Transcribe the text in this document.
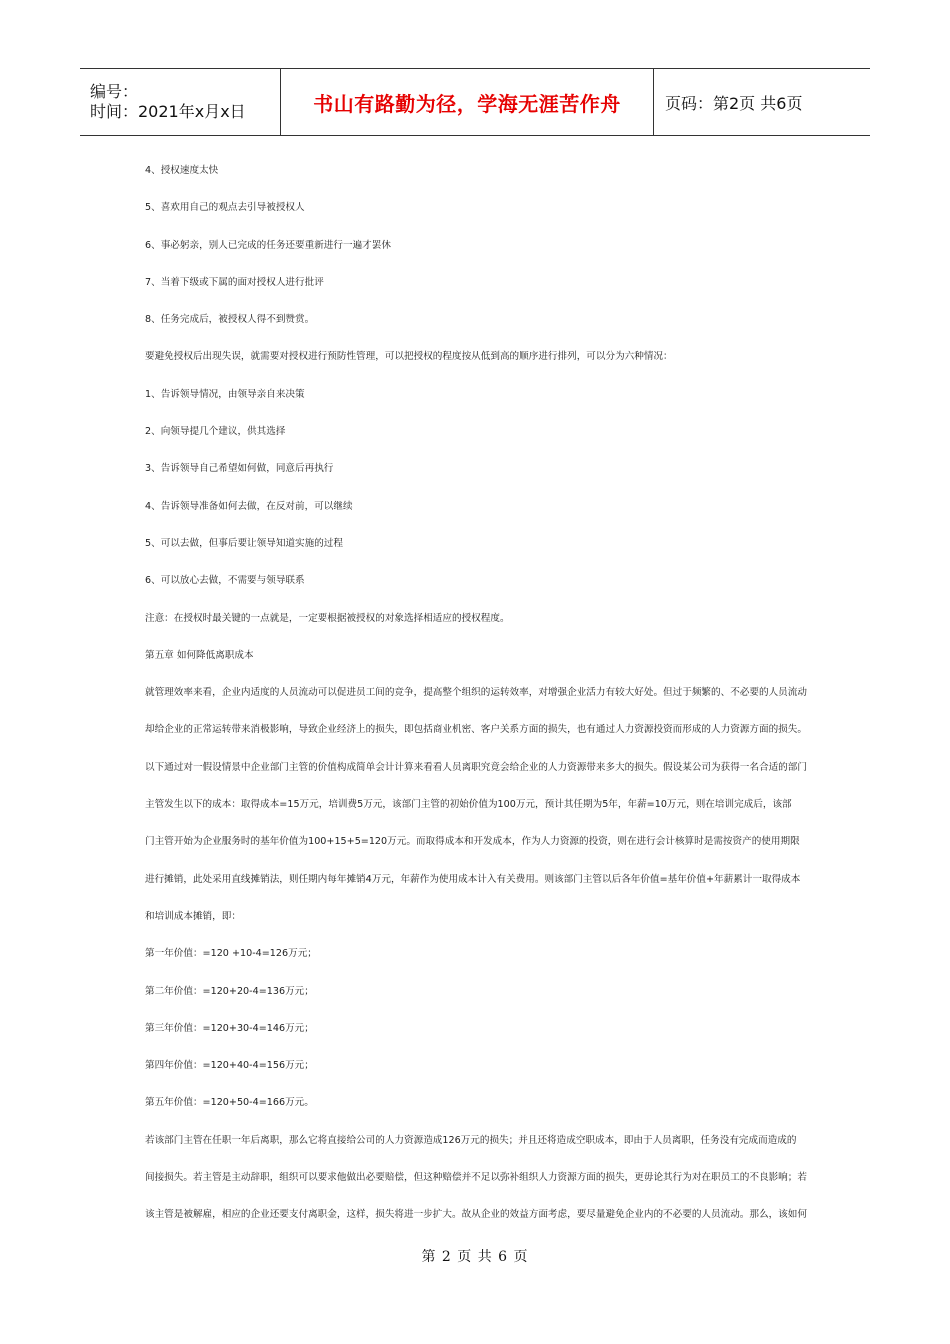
编号：
时间：2021年x月x日	书山有路勤为径，学海无涯苦作舟	页码：第2页 共6页

4、授权速度太快

5、喜欢用自己的观点去引导被授权人

6、事必躬亲，别人已完成的任务还要重新进行一遍才罢休

7、当着下级或下属的面对授权人进行批评

8、任务完成后，被授权人得不到赞赏。

要避免授权后出现失误，就需要对授权进行预防性管理，可以把授权的程度按从低到高的顺序进行排列，可以分为六种情况：

1、告诉领导情况，由领导亲自来决策

2、向领导提几个建议，供其选择

3、告诉领导自己希望如何做，同意后再执行

4、告诉领导准备如何去做，在反对前，可以继续

5、可以去做，但事后要让领导知道实施的过程

6、可以放心去做，不需要与领导联系

注意：在授权时最关键的一点就是，一定要根据被授权的对象选择相适应的授权程度。

第五章 如何降低离职成本

就管理效率来看，企业内适度的人员流动可以促进员工间的竞争，提高整个组织的运转效率，对增强企业活力有较大好处。但过于频繁的、不必要的人员流动

却给企业的正常运转带来消极影响，导致企业经济上的损失，即包括商业机密、客户关系方面的损失，也有通过人力资源投资而形成的人力资源方面的损失。

以下通过对一假设情景中企业部门主管的价值构成简单会计计算来看看人员离职究竟会给企业的人力资源带来多大的损失。假设某公司为获得一名合适的部门

主管发生以下的成本：取得成本=15万元，培训费5万元，该部门主管的初始价值为100万元，预计其任期为5年，年薪=10万元，则在培训完成后，该部

门主管开始为企业服务时的基年价值为100+15+5=120万元。而取得成本和开发成本，作为人力资源的投资，则在进行会计核算时是需按资产的使用期限

进行摊销，此处采用直线摊销法，则任期内每年摊销4万元，年薪作为使用成本计入有关费用。则该部门主管以后各年价值=基年价值+年薪累计一取得成本

和培训成本摊销，即：

第一年价值：=120 +10-4=126万元；

第二年价值：=120+20-4=136万元；

第三年价值：=120+30-4=146万元；

第四年价值：=120+40-4=156万元；

第五年价值：=120+50-4=166万元。

若该部门主管在任职一年后离职，那么它将直接给公司的人力资源造成126万元的损失；并且还将造成空职成本，即由于人员离职，任务没有完成而造成的

间接损失。若主管是主动辞职，组织可以要求他做出必要赔偿，但这种赔偿并不足以弥补组织人力资源方面的损失，更毋论其行为对在职员工的不良影响；若

该主管是被解雇，相应的企业还要支付离职金，这样，损失将进一步扩大。故从企业的效益方面考虑，要尽量避免企业内的不必要的人员流动。那么，该如何

第 2 页 共 6 页
